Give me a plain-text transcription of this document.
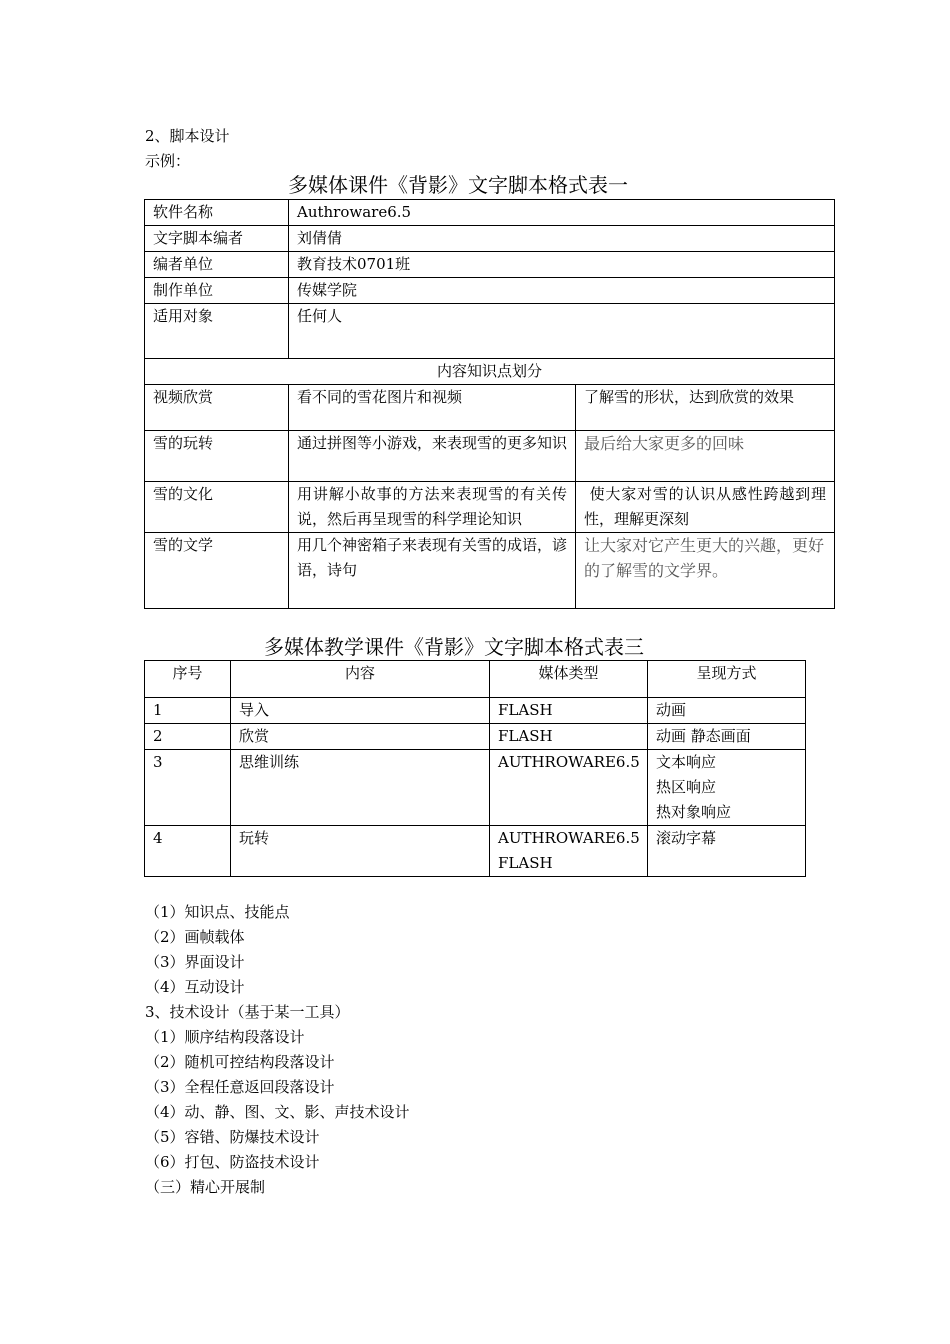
2、脚本设计
示例：
多媒体课件《背影》文字脚本格式表一
软件名称	Authroware6.5	
文字脚本编者	刘倩倩	
编者单位	教育技术0701班	
制作单位	传媒学院	
适用对象	任何人	
内容知识点划分		
视频欣赏	看不同的雪花图片和视频	了解雪的形状，达到欣赏的效果
雪的玩转	通过拼图等小游戏，来表现雪的更多知识	最后给大家更多的回味
雪的文化	用讲解小故事的方法来表现雪的有关传说，然后再呈现雪的科学理论知识	使大家对雪的认识从感性跨越到理性，理解更深刻
雪的文学	用几个神密箱子来表现有关雪的成语，谚语，诗句	让大家对它产生更大的兴趣，更好的了解雪的文学界。
多媒体教学课件《背影》文字脚本格式表三
序号	内容	媒体类型	呈现方式
1	导入	FLASH	动画

2	欣赏	FLASH	动画 静态画面

3	思维训练	AUTHROWARE6.5	文本响应
热区响应
热对象响应

4	玩转	AUTHROWARE6.5
FLASH	滚动字幕
（1）知识点、技能点
（2）画帧载体
（3）界面设计
（4）互动设计
3、技术设计（基于某一工具）
（1）顺序结构段落设计
（2）随机可控结构段落设计
（3）全程任意返回段落设计
（4）动、静、图、文、影、声技术设计
（5）容错、防爆技术设计
（6）打包、防盗技术设计
（三）精心开展制
